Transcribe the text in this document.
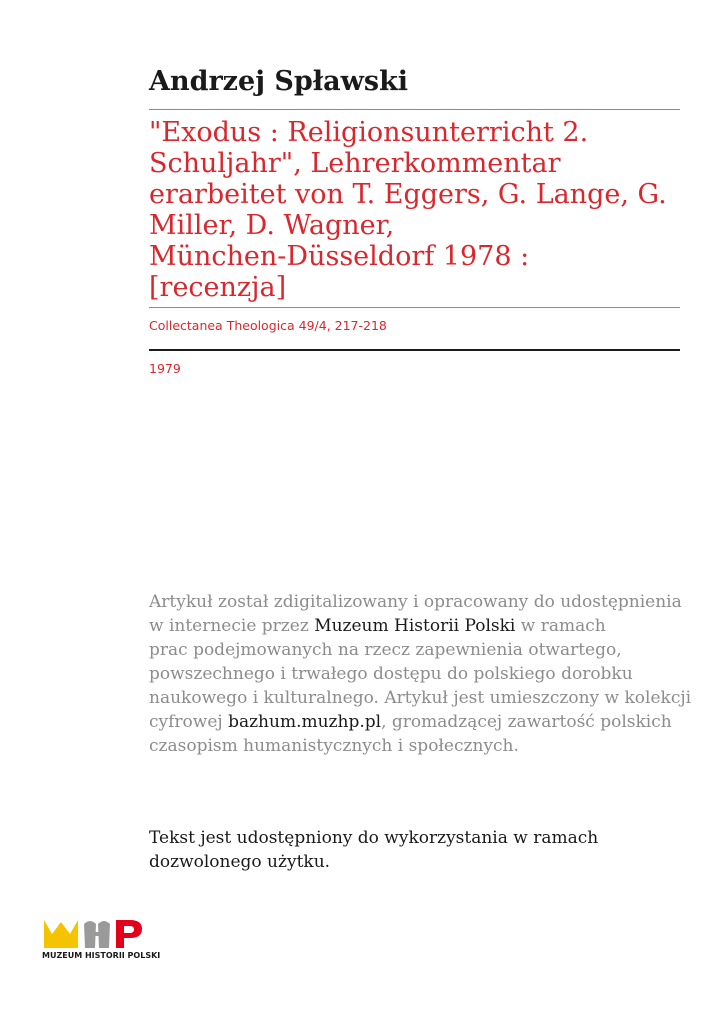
Andrzej Spławski
"Exodus : Religionsunterricht 2.
Schuljahr", Lehrerkommentar
erarbeitet von T. Eggers, G. Lange, G.
Miller, D. Wagner,
München-Düsseldorf 1978 :
[recenzja]
Collectanea Theologica 49/4, 217-218
1979

Artykuł został zdigitalizowany i opracowany do udostępnienia
w internecie przez Muzeum Historii Polski w ramach
prac podejmowanych na rzecz zapewnienia otwartego,
powszechnego i trwałego dostępu do polskiego dorobku
naukowego i kulturalnego. Artykuł jest umieszczony w kolekcji
cyfrowej bazhum.muzhp.pl, gromadzącej zawartość polskich
czasopism humanistycznych i społecznych.

Tekst jest udostępniony do wykorzystania w ramach
dozwolonego użytku.

MUZEUM HISTORII POLSKI
